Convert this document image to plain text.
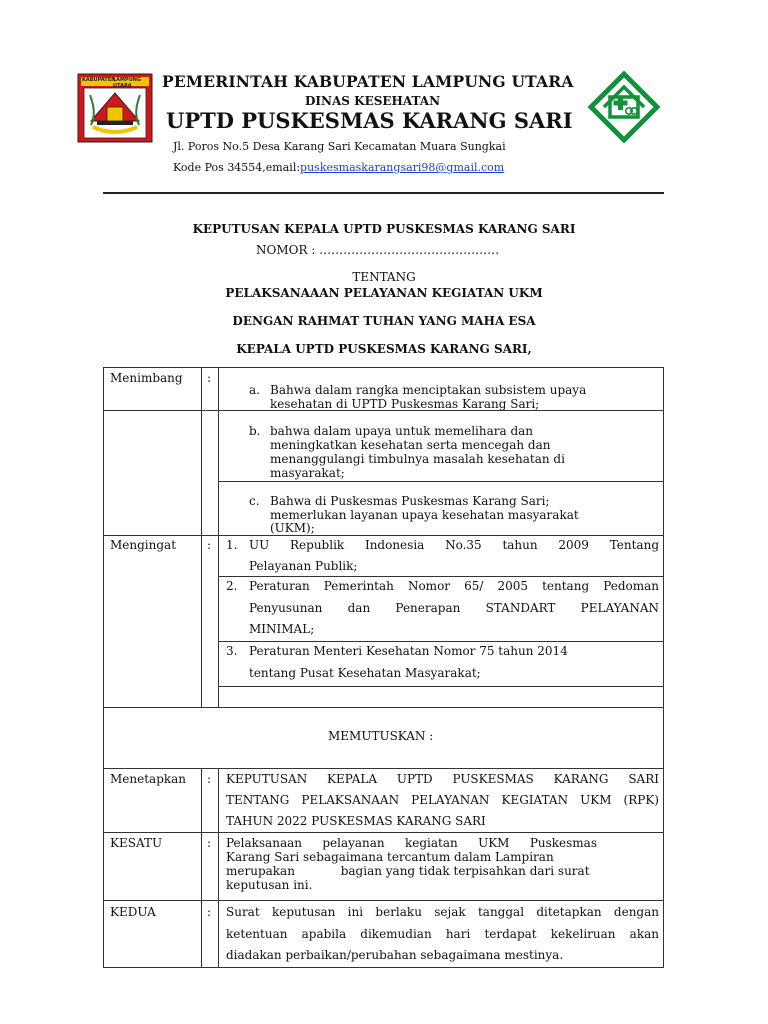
KABUPATEN
LAMPUNG UTARA	PEMERINTAH KABUPATEN LAMPUNG UTARA
DINAS KESEHATAN
UPTD PUSKESMAS KARANG SARI
Jl. Poros No.5 Desa Karang Sari Kecamatan Muara Sungkai
Kode Pos 34554,email:puskesmaskarangsari98@gmail.com
KEPUTUSAN KEPALA UPTD PUSKESMAS KARANG SARI
NOMOR : ………………………………………
TENTANG
PELAKSANAAAN PELAYANAN KEGIATAN UKM
DENGAN RAHMAT TUHAN YANG MAHA ESA
KEPALA UPTD PUSKESMAS KARANG SARI,
Menimbang :
a. Bahwa dalam rangka menciptakan subsistem upaya
kesehatan di UPTD Puskesmas Karang Sari;
b. bahwa dalam upaya untuk memelihara dan
meningkatkan kesehatan serta mencegah dan
menanggulangi timbulnya masalah kesehatan di
masyarakat;
c. Bahwa di Puskesmas Puskesmas Karang Sari;
memerlukan layanan upaya kesehatan masyarakat
(UKM);
Mengingat	: 1. UU Republik Indonesia No.35 tahun 2009 Tentang
Pelayanan Publik;
2. Peraturan Pemerintah Nomor 65/ 2005 tentang Pedoman
Penyusunan dan Penerapan STANDART PELAYANAN
MINIMAL;
3. Peraturan Menteri Kesehatan Nomor 75 tahun 2014
tentang Pusat Kesehatan Masyarakat;
MEMUTUSKAN :
Menetapkan : KEPUTUSAN KEPALA UPTD PUSKESMAS KARANG SARI
TENTANG PELAKSANAAN PELAYANAN KEGIATAN UKM (RPK)
TAHUN 2022 PUSKESMAS KARANG SARI
KESATU	: Pelaksanaan pelayanan kegiatan UKM Puskesmas
Karang Sari sebagaimana tercantum dalam Lampiran
merupakan            bagian yang tidak terpisahkan dari surat
keputusan ini.
KEDUA	: Surat keputusan ini berlaku sejak tanggal ditetapkan dengan
ketentuan apabila dikemudian hari terdapat kekeliruan akan
diadakan perbaikan/perubahan sebagaimana mestinya.
